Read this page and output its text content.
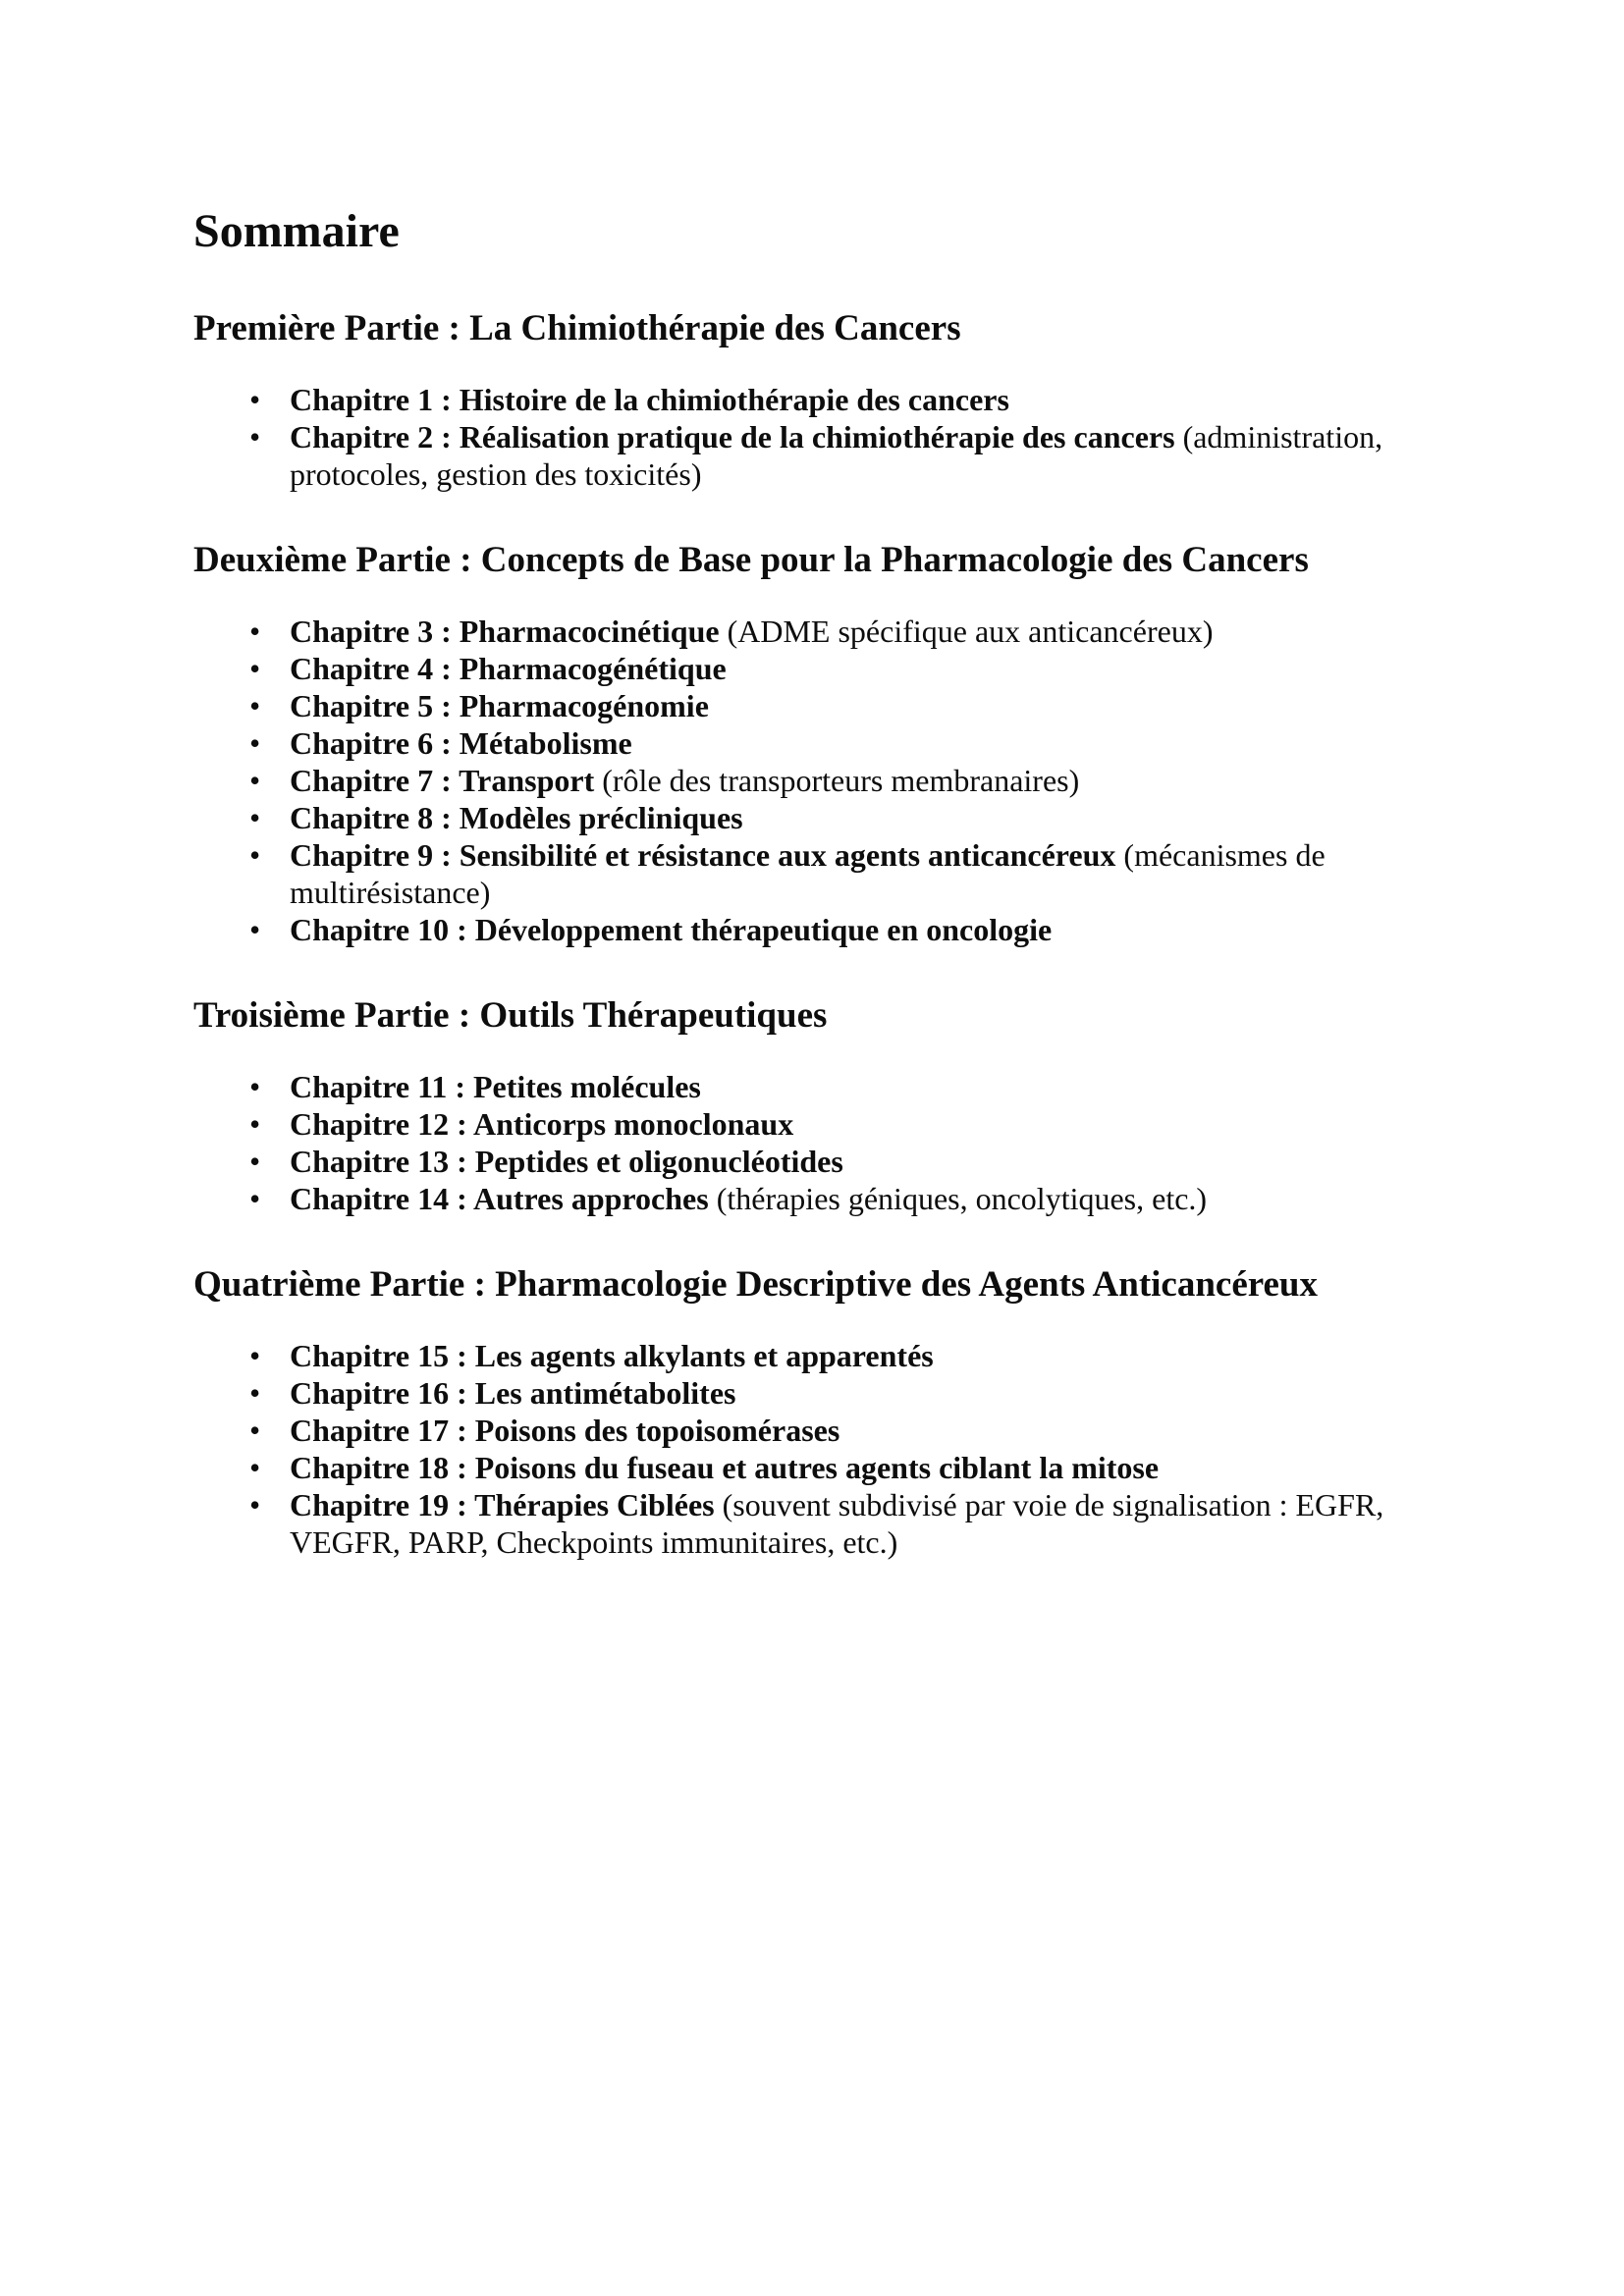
Sommaire
Première Partie : La Chimiothérapie des Cancers
• Chapitre 1 : Histoire de la chimiothérapie des cancers
• Chapitre 2 : Réalisation pratique de la chimiothérapie des cancers (administration, protocoles, gestion des toxicités)
Deuxième Partie : Concepts de Base pour la Pharmacologie des Cancers
• Chapitre 3 : Pharmacocinétique (ADME spécifique aux anticancéreux)
• Chapitre 4 : Pharmacogénétique
• Chapitre 5 : Pharmacogénomie
• Chapitre 6 : Métabolisme
• Chapitre 7 : Transport (rôle des transporteurs membranaires)
• Chapitre 8 : Modèles précliniques
• Chapitre 9 : Sensibilité et résistance aux agents anticancéreux (mécanismes de multirésistance)
• Chapitre 10 : Développement thérapeutique en oncologie
Troisième Partie : Outils Thérapeutiques
• Chapitre 11 : Petites molécules
• Chapitre 12 : Anticorps monoclonaux
• Chapitre 13 : Peptides et oligonucléotides
• Chapitre 14 : Autres approches (thérapies géniques, oncolytiques, etc.)
Quatrième Partie : Pharmacologie Descriptive des Agents Anticancéreux
• Chapitre 15 : Les agents alkylants et apparentés
• Chapitre 16 : Les antimétabolites
• Chapitre 17 : Poisons des topoisomérases
• Chapitre 18 : Poisons du fuseau et autres agents ciblant la mitose
• Chapitre 19 : Thérapies Ciblées (souvent subdivisé par voie de signalisation : EGFR, VEGFR, PARP, Checkpoints immunitaires, etc.)
